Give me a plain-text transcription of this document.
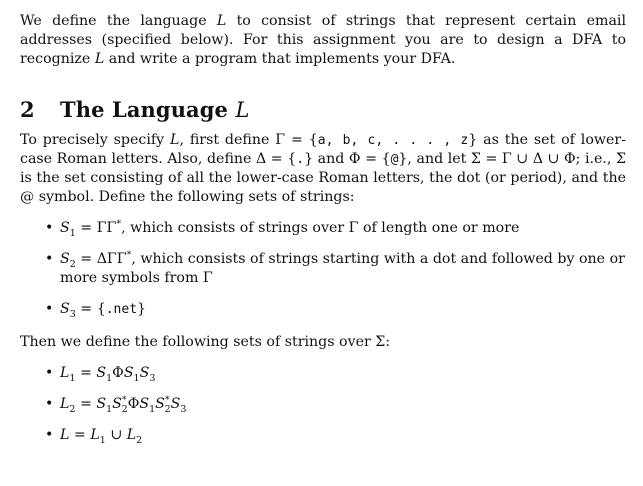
We define the language L to consist of strings that represent certain email addresses (specified below). For this assignment you are to design a DFA to recognize L and write a program that implements your DFA.

2 The Language L

To precisely specify L, first define Γ = {a, b, c, . . . , z} as the set of lower-case Roman letters. Also, define Δ = {.} and Φ = {@}, and let Σ = Γ ∪ Δ ∪ Φ; i.e., Σ is the set consisting of all the lower-case Roman letters, the dot (or period), and the @ symbol. Define the following sets of strings:

• $S_1 = \Gamma\Gamma^*$, which consists of strings over Γ of length one or more
• $S_2 = \Delta\Gamma\Gamma^*$, which consists of strings starting with a dot and followed by one or more symbols from Γ
• $S_3 = \{.net\}$

Then we define the following sets of strings over Σ:

• $L_1 = S_1\Phi S_1S_3$
• $L_2 = S_1S^*_2\Phi S_1S^*_2S_3$
• $L = L_1$ ∪ $L_2$
